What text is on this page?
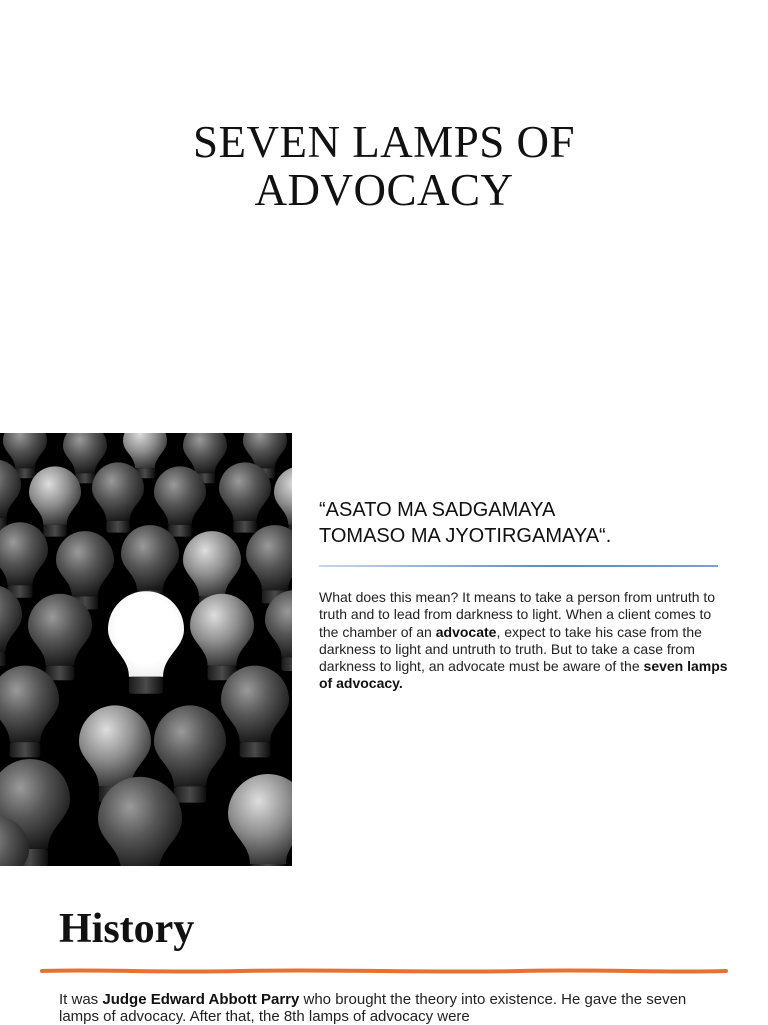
SEVEN LAMPS OF
ADVOCACY
“ASATO MA SADGAMAYA
TOMASO MA JYOTIRGAMAYA“.

What does this mean? It means to take a person from untruth to truth and to lead from darkness to light. When a client comes to the chamber of an advocate, expect to take his case from the darkness to light and untruth to truth. But to take a case from darkness to light, an advocate must be aware of the seven lamps of advocacy.

History

It was Judge Edward Abbott Parry who brought the theory into existence. He gave the seven lamps of advocacy. After that, the 8th lamps of advocacy were
